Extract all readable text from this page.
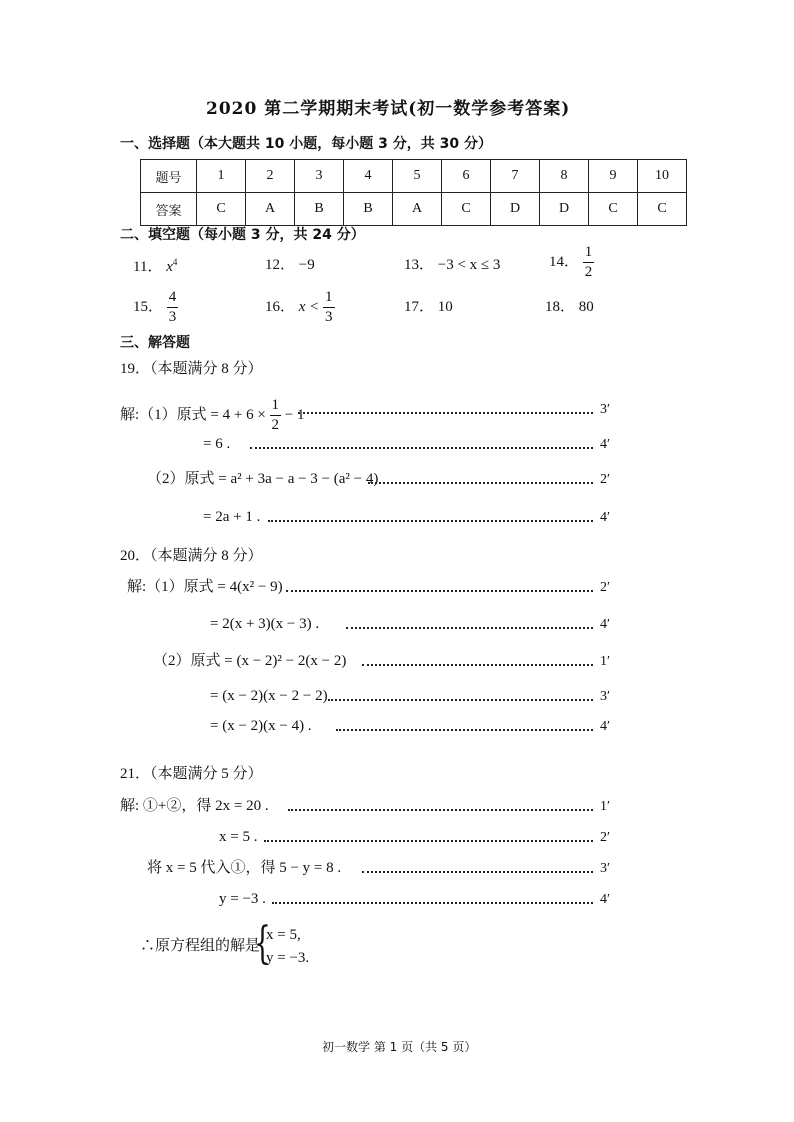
2020 第二学期期末考试(初一数学参考答案)
一、选择题（本大题共 10 小题，每小题 3 分，共 30 分）
题号	1	2	3	4	5	6	7	8	9	10
答案	C	A	B	B	A	C	D	D	C	C
二、填空题（每小题 3 分，共 24 分）
11． $x^4$	12． −9	13． −3 < x ≤ 3	14． $\frac{1}{2}$
15． $\frac{4}{3}$	16． $x < \frac{1}{3}$	17． 10	18． 80
三、解答题
19．（本题满分 8 分）
解:（1）原式 = $4 + 6 \times \frac{1}{2} - 1$	3′
= 6 .	4′
（2）原式 = a² + 3a − a − 3 − (a² − 4)	2′
= 2a + 1 .	4′
20．（本题满分 8 分）
解:（1）原式 = 4(x² − 9)	2′
= 2(x + 3)(x − 3) .	4′
（2）原式 = (x − 2)² − 2(x − 2)	1′
= (x − 2)(x − 2 − 2)	3′
= (x − 2)(x − 4) .	4′
21．（本题满分 5 分）
解: ①+②，得 2x = 20 .	1′
x = 5 .	2′
将 x = 5 代入①，得 5 − y = 8 .	3′
y = −3 .	4′
∴原方程组的解是
{
x = 5,
y = −3.
初一数学 第 1 页（共 5 页）
